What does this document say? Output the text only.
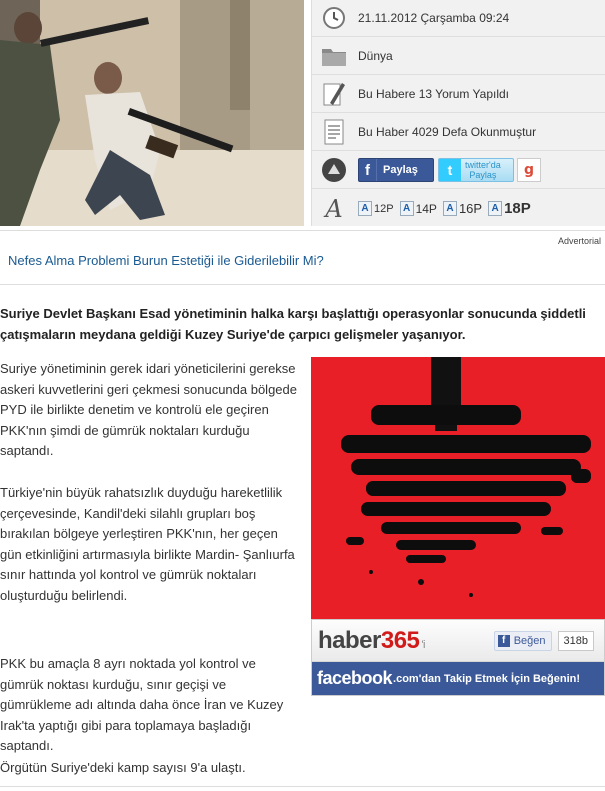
21.11.2012 Çarşamba 09:24
Dünya
Bu Habere 13 Yorum Yapıldı
Bu Haber 4029 Defa Okunmuştur
f	Paylaş	t	twitter'da
Paylaş	g
A	A 12P A 14P A 16P A 18P
Advertorial
Nefes Alma Problemi Burun Estetiği ile Giderilebilir Mi?
Suriye Devlet Başkanı Esad yönetiminin halka karşı başlattığı operasyonlar sonucunda şiddetli çatışmaların meydana geldiği Kuzey Suriye'de çarpıcı gelişmeler yaşanıyor.
Suriye yönetiminin gerek idari yöneticilerini gerekse askeri kuvvetlerini geri çekmesi sonucunda bölgede PYD ile birlikte denetim ve kontrolü ele geçiren PKK'nın şimdi de gümrük noktaları kurduğu saptandı.
Türkiye'nin büyük rahatsızlık duyduğu hareketlilik çerçevesinde, Kandil'deki silahlı grupları boş bırakılan bölgeye yerleştiren PKK'nın, her geçen gün etkinliğini artırmasıyla birlikte Mardin- Şanlıurfa sınır hattında yol kontrol ve gümrük noktaları oluşturduğu belirlendi.
PKK bu amaçla 8 ayrı noktada yol kontrol ve gümrük noktası kurduğu, sınır geçişi ve gümrükleme adı altında daha önce İran ve Kuzey Irak'ta yaptığı gibi para toplamaya başladığı saptandı.
Örgütün Suriye'deki kamp sayısı 9'a ulaştı.
haber365 'i	f Beğen	318b
facebook .com'dan Takip Etmek İçin Beğenin!
